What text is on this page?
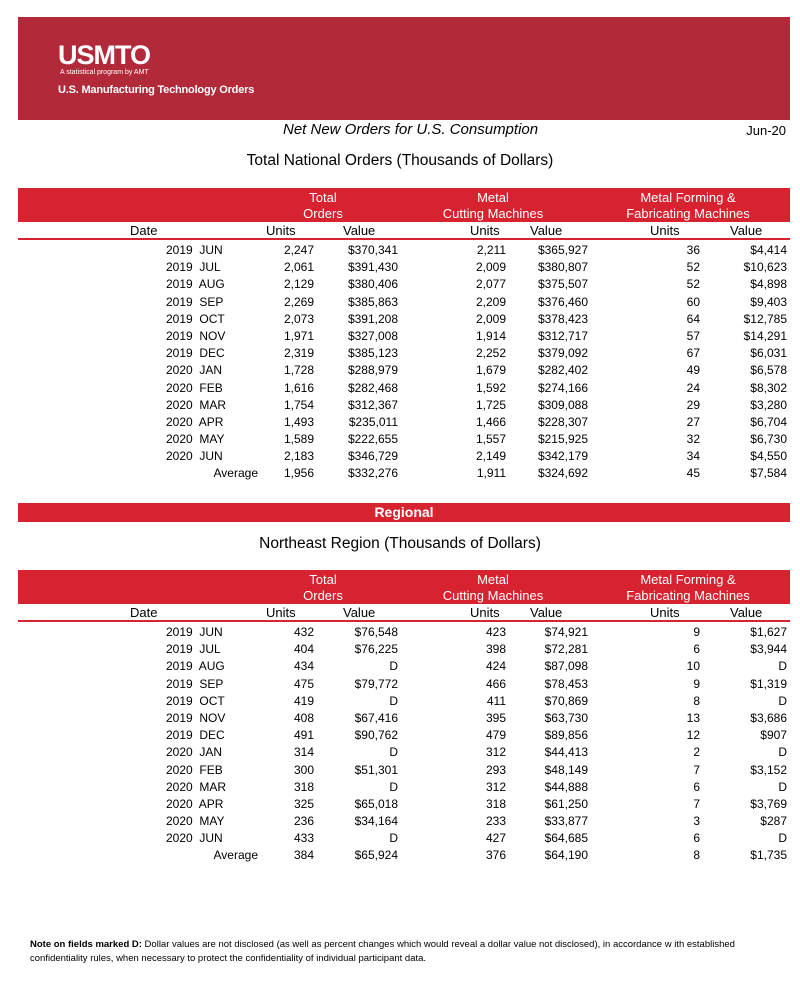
USMTO
A statistical program by AMT
U.S. Manufacturing Technology Orders
Net New Orders for U.S. Consumption	Jun-20
Total National Orders (Thousands of Dollars)
Total
Orders
Metal
Cutting Machines
Metal Forming &
Fabricating Machines
Date	Units	Value	Units Value	Units	Value
2019  JUN	2,247	$370,341	2,211	$365,927	36	$4,414
2019  JUL	2,061	$391,430	2,009	$380,807	52	$10,623
2019  AUG	2,129	$380,406	2,077	$375,507	52	$4,898
2019  SEP	2,269	$385,863	2,209	$376,460	60	$9,403
2019  OCT	2,073	$391,208	2,009	$378,423	64	$12,785
2019  NOV	1,971	$327,008	1,914	$312,717	57	$14,291
2019  DEC	2,319	$385,123	2,252	$379,092	67	$6,031
2020  JAN	1,728	$288,979	1,679	$282,402	49	$6,578
2020  FEB	1,616	$282,468	1,592	$274,166	24	$8,302
2020  MAR	1,754	$312,367	1,725	$309,088	29	$3,280
2020  APR	1,493	$235,011	1,466	$228,307	27	$6,704
2020  MAY	1,589	$222,655	1,557	$215,925	32	$6,730
2020  JUN	2,183	$346,729	2,149	$342,179	34	$4,550
Average	1,956	$332,276	1,911	$324,692	45	$7,584
Regional
Northeast Region (Thousands of Dollars)
Total
Orders
Metal
Cutting Machines
Metal Forming &
Fabricating Machines
Date	Units	Value	Units Value	Units	Value
2019  JUN	432	$76,548	423	$74,921	9	$1,627
2019  JUL	404	$76,225	398	$72,281	6	$3,944
2019  AUG	434	D	424	$87,098	10	D
2019  SEP	475	$79,772	466	$78,453	9	$1,319
2019  OCT	419	D	411	$70,869	8	D
2019  NOV	408	$67,416	395	$63,730	13	$3,686
2019  DEC	491	$90,762	479	$89,856	12	$907
2020  JAN	314	D	312	$44,413	2	D
2020  FEB	300	$51,301	293	$48,149	7	$3,152
2020  MAR	318	D	312	$44,888	6	D
2020  APR	325	$65,018	318	$61,250	7	$3,769
2020  MAY	236	$34,164	233	$33,877	3	$287
2020  JUN	433	D	427	$64,685	6	D
Average	384	$65,924	376	$64,190	8	$1,735
Note on fields marked D: Dollar values are not disclosed (as well as percent changes which would reveal a dollar value not disclosed), in accordance w ith established confidentiality rules, when necessary to protect the confidentiality of individual participant data.
